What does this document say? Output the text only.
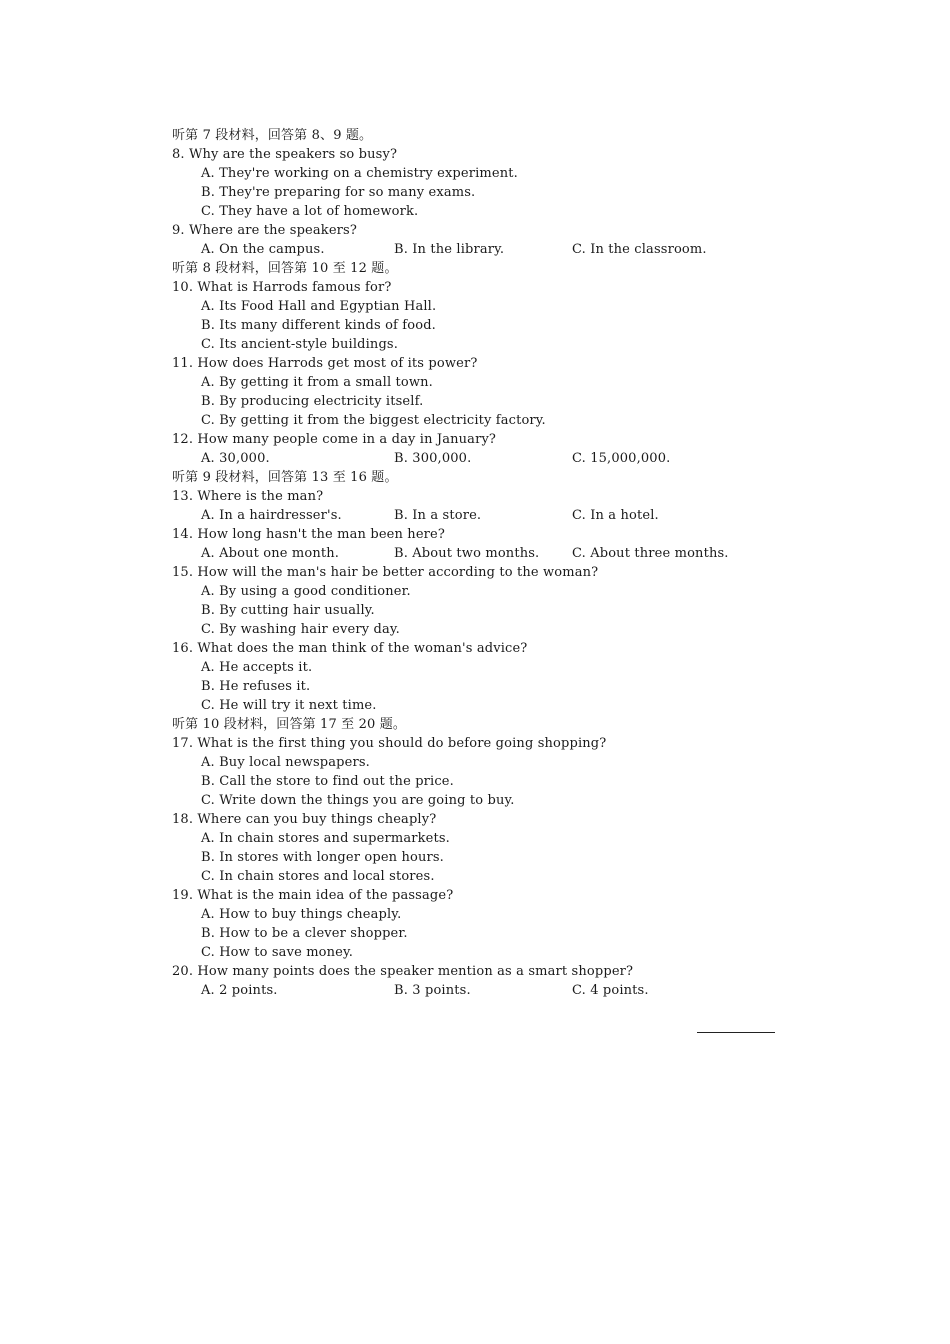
听第 7 段材料，回答第 8、9 题。
8. Why are the speakers so busy?
A. They're working on a chemistry experiment.
B. They're preparing for so many exams.
C. They have a lot of homework.
9. Where are the speakers?
A. On the campus.	B. In the library.	C. In the classroom.
听第 8 段材料，回答第 10 至 12 题。
10. What is Harrods famous for?
A. Its Food Hall and Egyptian Hall.
B. Its many different kinds of food.
C. Its ancient-style buildings.
11. How does Harrods get most of its power?
A. By getting it from a small town.
B. By producing electricity itself.
C. By getting it from the biggest electricity factory.
12. How many people come in a day in January?
A. 30,000.	B. 300,000.	C. 15,000,000.
听第 9 段材料，回答第 13 至 16 题。
13. Where is the man?
A. In a hairdresser's.	B. In a store.	C. In a hotel.
14. How long hasn't the man been here?
A. About one month.	B. About two months.	C. About three months.
15. How will the man's hair be better according to the woman?
A. By using a good conditioner.
B. By cutting hair usually.
C. By washing hair every day.
16. What does the man think of the woman's advice?
A. He accepts it.
B. He refuses it.
C. He will try it next time.
听第 10 段材料，回答第 17 至 20 题。
17. What is the first thing you should do before going shopping?
A. Buy local newspapers.
B. Call the store to find out the price.
C. Write down the things you are going to buy.
18. Where can you buy things cheaply?
A. In chain stores and supermarkets.
B. In stores with longer open hours.
C. In chain stores and local stores.
19. What is the main idea of the passage?
A. How to buy things cheaply.
B. How to be a clever shopper.
C. How to save money.
20. How many points does the speaker mention as a smart shopper?
A. 2 points.	B. 3 points.	C. 4 points.
